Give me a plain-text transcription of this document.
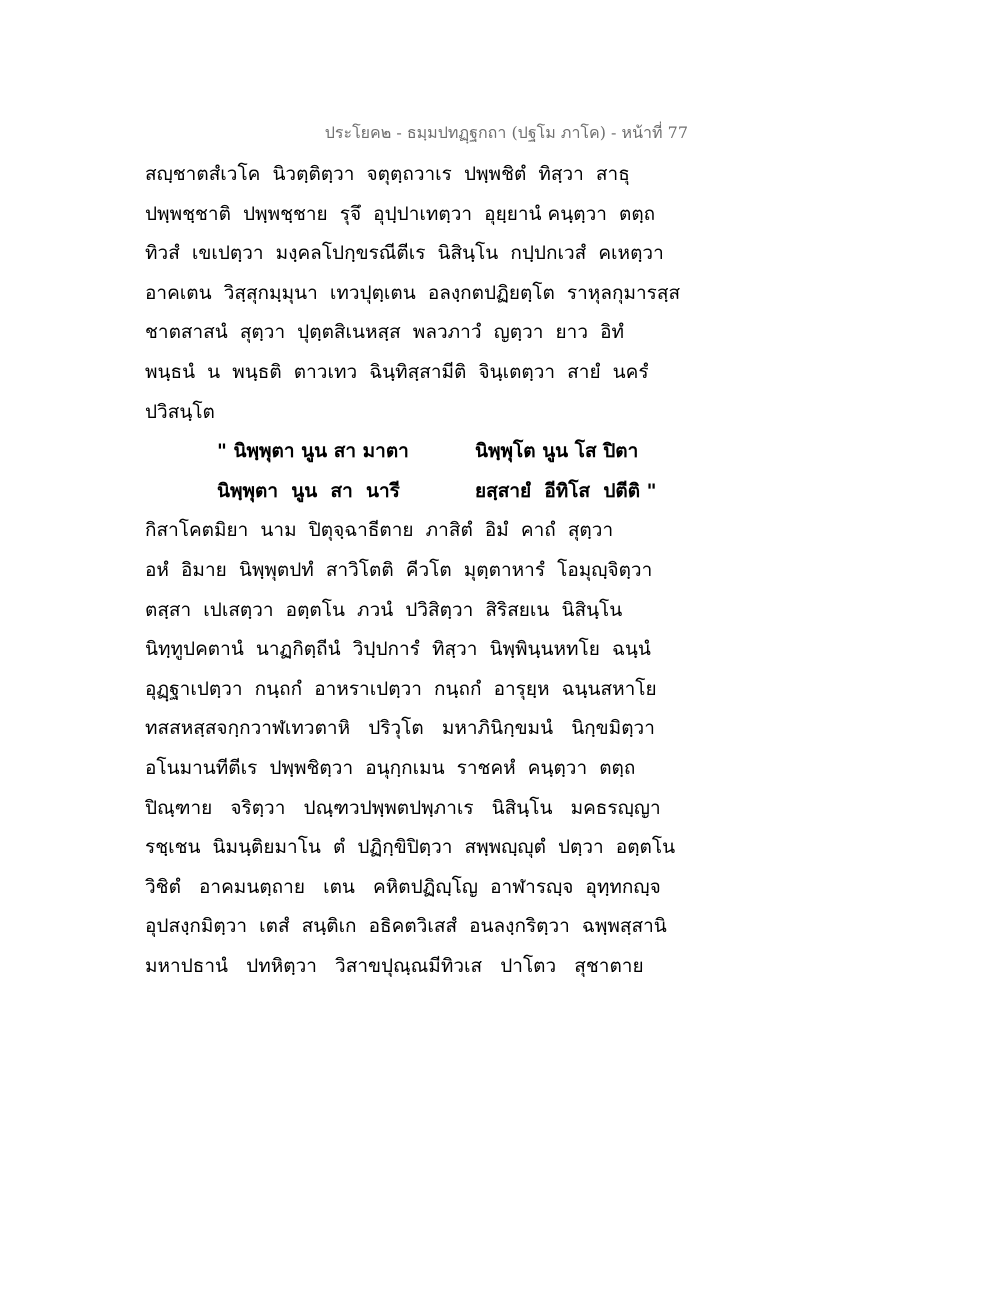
ประโยค๒ - ธมฺมปทฏฺฐกถา (ปฐโม ภาโค) - หน้าที่ 77
สญฺชาตสํเวโค  นิวตฺติตฺวา  จตุตฺถวาเร  ปพฺพชิตํ  ทิสฺวา  สาธุ
ปพฺพชฺชาติ  ปพฺพชฺชาย  รุจึ  อุปฺปาเทตฺวา  อุยฺยานํ คนฺตฺวา  ตตฺถ
ทิวสํ  เขเปตฺวา  มงฺคลโปกฺขรณีตีเร  นิสินฺโน  กปฺปกเวสํ  คเหตฺวา
อาคเตน  วิสฺสุกมฺมุนา  เทวปุตฺเตน  อลงฺกตปฏิยตฺโต  ราหุลกุมารสฺส
ชาตสาสนํ  สุตฺวา  ปุตฺตสิเนหสฺส  พลวภาวํ  ญตฺวา  ยาว  อิทํ
พนฺธนํ  น  พนฺธติ  ตาวเทว  ฉินฺทิสฺสามีติ  จินฺเตตฺวา  สายํ  นครํ
ปวิสนฺโต
" นิพฺพุตา นูน สา มาตา	นิพฺพุโต นูน โส ปิตา
นิพฺพุตา  นูน  สา  นารี	ยสฺสายํ  อีทิโส  ปตีติ "
กิสาโคตมิยา  นาม  ปิตุจฺฉาธีตาย  ภาสิตํ  อิมํ  คาถํ  สุตฺวา
อหํ  อิมาย  นิพฺพุตปทํ  สาวิโตติ  คีวโต  มุตฺตาหารํ  โอมุญฺจิตฺวา
ตสฺสา  เปเสตฺวา  อตฺตโน  ภวนํ  ปวิสิตฺวา  สิริสยเน  นิสินฺโน
นิทฺทูปคตานํ  นาฏกิตฺถีนํ  วิปฺปการํ  ทิสฺวา  นิพฺพินฺนหทโย  ฉนฺนํ
อุฏฺฐาเปตฺวา  กนฺถกํ  อาหราเปตฺวา  กนฺถกํ  อารุยฺห  ฉนฺนสหาโย
ทสสหสฺสจกฺกวาฬเทวตาหิ   ปริวุโต   มหาภินิกฺขมนํ   นิกฺขมิตฺวา
อโนมานทีตีเร  ปพฺพชิตฺวา  อนุกฺกเมน  ราชคหํ  คนฺตฺวา  ตตฺถ
ปิณฺฑาย   จริตฺวา   ปณฺฑวปพฺพตปพฺภาเร   นิสินฺโน   มคธรญฺญา
รชฺเชน  นิมนฺติยมาโน  ตํ  ปฏิกฺขิปิตฺวา  สพฺพญฺญุตํ  ปตฺวา  อตฺตโน
วิชิตํ   อาคมนตฺถาย   เตน   คหิตปฏิญฺโญ  อาฬารญฺจ  อุทฺทกญฺจ
อุปสงฺกมิตฺวา  เตสํ  สนฺติเก  อธิคตวิเสสํ  อนลงฺกริตฺวา  ฉพฺพสฺสานิ
มหาปธานํ   ปทหิตฺวา   วิสาขปุณฺณมีทิวเส   ปาโตว   สุชาตาย
